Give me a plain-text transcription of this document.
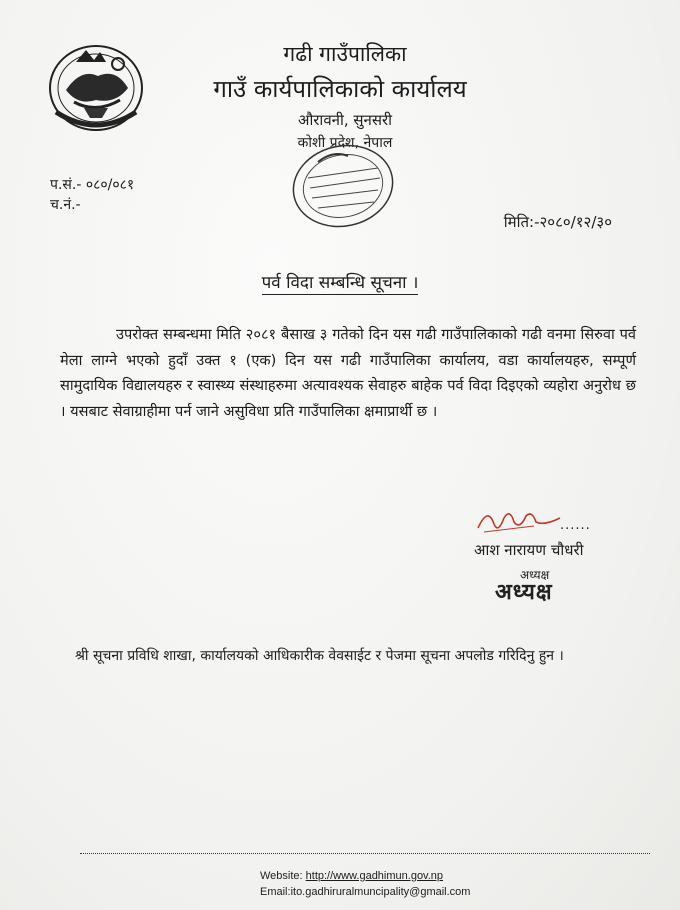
गढी गाउँपालिका
गाउँ कार्यपालिकाको कार्यालय
औरावनी, सुनसरी
कोशी प्रदेश, नेपाल
प.सं.- ०८०/०८१
च.नं.-
मिति:-२०८०/१२/३०
पर्व विदा सम्बन्धि सूचना ।
उपरोक्त सम्बन्धमा मिति २०८१ बैसाख ३ गतेको दिन यस गढी गाउँपालिकाको गढी वनमा सिरुवा पर्व मेला लाग्ने भएको हुदाँ उक्त १ (एक) दिन यस गढी गाउँपालिका कार्यालय, वडा कार्यालयहरु, सम्पूर्ण सामुदायिक विद्यालयहरु र स्वास्थ्य संस्थाहरुमा अत्यावश्यक सेवाहरु बाहेक पर्व विदा दिइएको व्यहोरा अनुरोध छ । यसबाट सेवाग्राहीमा पर्न जाने असुविधा प्रति गाउँपालिका क्षमाप्रार्थी छ ।
......
आश नारायण चौधरी
अध्यक्ष
अध्यक्ष
श्री सूचना प्रविधि शाखा, कार्यालयको आधिकारीक वेवसाईट र पेजमा सूचना अपलोड गरिदिनु हुन ।
Website: http://www.gadhimun.gov.np
Email:ito.gadhiruralmuncipality@gmail.com
